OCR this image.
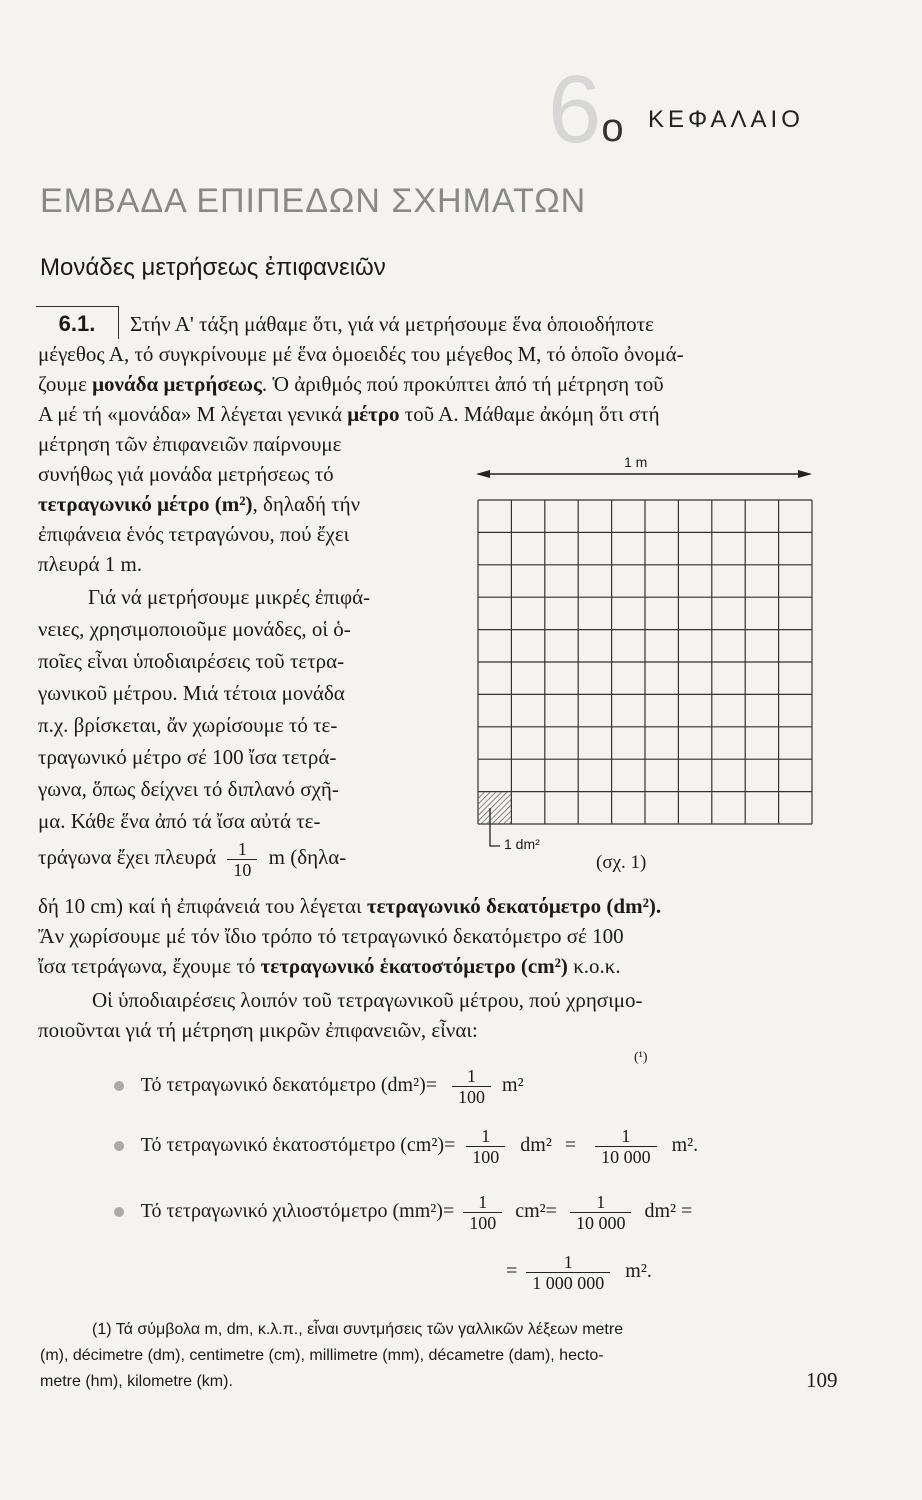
$6^o$ ΚΕΦΑΛΑΙΟ
ΕΜΒΑΔΑ ΕΠΙΠΕΔΩΝ ΣΧΗΜΑΤΩΝ
Μονάδες μετρήσεως ἐπιφανειῶν
6.1.	Στήν Α' τάξη μάθαμε ὅτι, γιά νά μετρήσουμε ἕνα ὁποιοδήποτε
μέγεθος Α, τό συγκρίνουμε μέ ἕνα ὁμοειδές του μέγεθος Μ, τό ὁποῖο ὀνομά-
ζουμε μονάδα μετρήσεως. Ὁ ἀριθμός πού προκύπτει ἀπό τή μέτρηση τοῦ
Α μέ τή «μονάδα» Μ λέγεται γενικά μέτρο τοῦ Α. Μάθαμε ἀκόμη ὅτι στή
μέτρηση τῶν ἐπιφανειῶν παίρνουμε
συνήθως γιά μονάδα μετρήσεως τό
τετραγωνικό μέτρο (m²), δηλαδή τήν
ἐπιφάνεια ἑνός τετραγώνου, πού ἔχει
πλευρά 1 m.
Γιά νά μετρήσουμε μικρές ἐπιφά-
νειες, χρησιμοποιοῦμε μονάδες, οἱ ὁ-
ποῖες εἶναι ὑποδιαιρέσεις τοῦ τετρα-
γωνικοῦ μέτρου. Μιά τέτοια μονάδα
π.χ. βρίσκεται, ἄν χωρίσουμε τό τε-
τραγωνικό μέτρο σέ 100 ἴσα τετρά-
γωνα, ὅπως δείχνει τό διπλανό σχῆ-
μα. Κάθε ἕνα ἀπό τά ἴσα αὐτά τε-
τράγωνα ἔχει πλευρά $\frac{1}{10}$ m (δηλα-
δή 10 cm) καί ἡ ἐπιφάνειά του λέγεται τετραγωνικό δεκατόμετρο (dm²).
Ἄν χωρίσουμε μέ τόν ἴδιο τρόπο τό τετραγωνικό δεκατόμετρο σέ 100
ἴσα τετράγωνα, ἔχουμε τό τετραγωνικό ἑκατοστόμετρο (cm²) κ.ο.κ.
Οἱ ὑποδιαιρέσεις λοιπόν τοῦ τετραγωνικοῦ μέτρου, πού χρησιμο-
ποιοῦνται γιά τή μέτρηση μικρῶν ἐπιφανειῶν, εἶναι:
1 m
1 dm²
(σχ. 1)
Τό τετραγωνικό δεκατόμετρο $(dm^2)= \frac{1}{100} m^2$
(¹)
Τό τετραγωνικό ἑκατοστόμετρο $(cm^2)= \frac{1}{100} dm^2 = \frac{1}{10 000} m^2$.
Τό τετραγωνικό χιλιοστόμετρο $(mm^2)= \frac{1}{100} cm^2= \frac{1}{10 000} dm^2$ =
= $\frac{1}{1 000 000} m^2$.
(1) Τά σύμβολα m, dm, κ.λ.π., εἶναι συντμήσεις τῶν γαλλικῶν λέξεων metre
(m), décimetre (dm), centimetre (cm), millimetre (mm), décametre (dam), hecto-
metre (hm), kilometre (km).	109
